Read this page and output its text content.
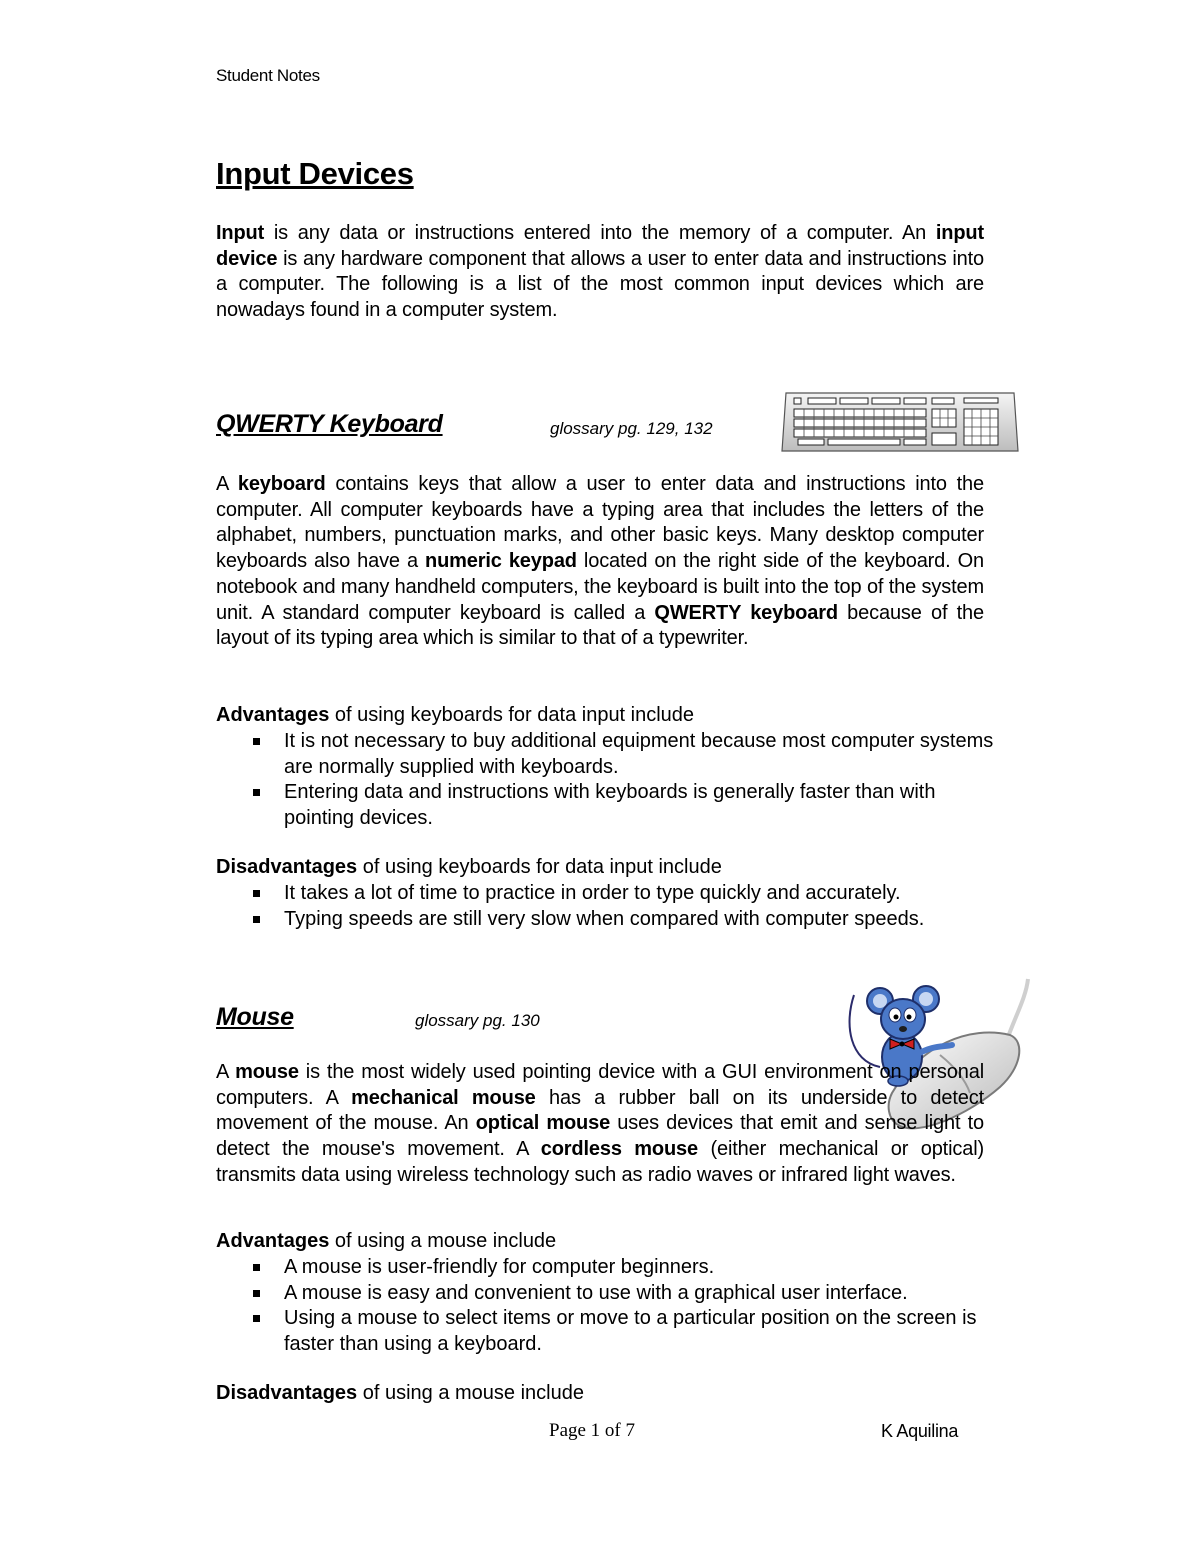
Student Notes
Input Devices

Input is any data or instructions entered into the memory of a computer. An input device is any hardware component that allows a user to enter data and instructions into a computer. The following is a list of the most common input devices which are nowadays found in a computer system.

QWERTY Keyboard	glossary pg. 129, 132

A keyboard contains keys that allow a user to enter data and instructions into the computer. All computer keyboards have a typing area that includes the letters of the alphabet, numbers, punctuation marks, and other basic keys. Many desktop computer keyboards also have a numeric keypad located on the right side of the keyboard. On notebook and many handheld computers, the keyboard is built into the top of the system unit. A standard computer keyboard is called a QWERTY keyboard because of the layout of its typing area which is similar to that of a typewriter.

Advantages of using keyboards for data input include

It is not necessary to buy additional equipment because most computer systems are normally supplied with keyboards.
Entering data and instructions with keyboards is generally faster than with pointing devices.

Disadvantages of using keyboards for data input include

It takes a lot of time to practice in order to type quickly and accurately.
Typing speeds are still very slow when compared with computer speeds.
Mouse	glossary pg. 130

A mouse is the most widely used pointing device with a GUI environment on personal computers. A mechanical mouse has a rubber ball on its underside to detect movement of the mouse. An optical mouse uses devices that emit and sense light to detect the mouse's movement. A cordless mouse (either mechanical or optical) transmits data using wireless technology such as radio waves or infrared light waves.

Advantages of using a mouse include

A mouse is user-friendly for computer beginners.
A mouse is easy and convenient to use with a graphical user interface.
Using a mouse to select items or move to a particular position on the screen is faster than using a keyboard.

Disadvantages of using a mouse include

Page 1 of 7	K Aquilina
